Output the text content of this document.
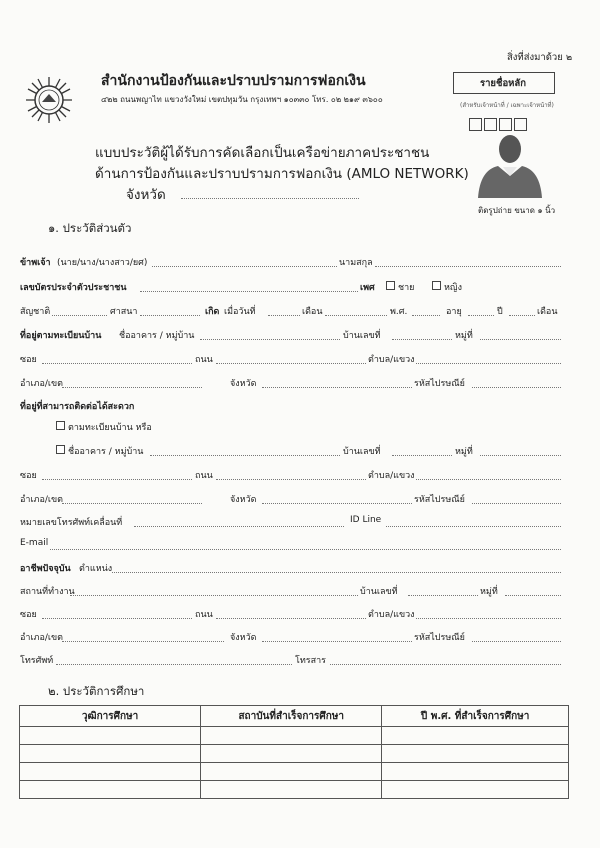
สิ่งที่ส่งมาด้วย ๒
สำนักงานป้องกันและปราบปรามการฟอกเงิน
๔๒๒ ถนนพญาไท แขวงวังใหม่ เขตปทุมวัน กรุงเทพฯ ๑๐๓๓๐ โทร. ๐๒ ๒๑๙ ๓๖๐๐
รายชื่อหลัก
(สำหรับเจ้าหน้าที่ / เฉพาะเจ้าหน้าที่)
ติดรูปถ่าย ขนาด ๑ นิ้ว
แบบประวัติผู้ได้รับการคัดเลือกเป็นเครือข่ายภาคประชาชน
ด้านการป้องกันและปราบปรามการฟอกเงิน (AMLO NETWORK)
จังหวัด
๑. ประวัติส่วนตัว
ข้าพเจ้า (นาย/นาง/นางสาว/ยศ)	นามสกุล
เลขบัตรประจำตัวประชาชน	เพศ	ชาย	หญิง
สัญชาติ	ศาสนา	เกิด เมื่อวันที่	เดือน	พ.ศ.	อายุ	ปี	เดือน
ที่อยู่ตามทะเบียนบ้าน ชื่ออาคาร / หมู่บ้าน	บ้านเลขที่	หมู่ที่
ซอย	ถนน	ตำบล/แขวง
อำเภอ/เขต	จังหวัด	รหัสไปรษณีย์
ที่อยู่ที่สามารถติดต่อได้สะดวก
ตามทะเบียนบ้าน หรือ
ชื่ออาคาร / หมู่บ้าน	บ้านเลขที่	หมู่ที่
ซอย	ถนน	ตำบล/แขวง
อำเภอ/เขต	จังหวัด	รหัสไปรษณีย์
หมายเลขโทรศัพท์เคลื่อนที่	ID Line
E-mail
อาชีพปัจจุบัน ตำแหน่ง
สถานที่ทำงาน	บ้านเลขที่	หมู่ที่
ซอย	ถนน	ตำบล/แขวง
อำเภอ/เขต	จังหวัด	รหัสไปรษณีย์
โทรศัพท์	โทรสาร
๒. ประวัติการศึกษา
วุฒิการศึกษา	สถาบันที่สำเร็จการศึกษา	ปี พ.ศ. ที่สำเร็จการศึกษา
